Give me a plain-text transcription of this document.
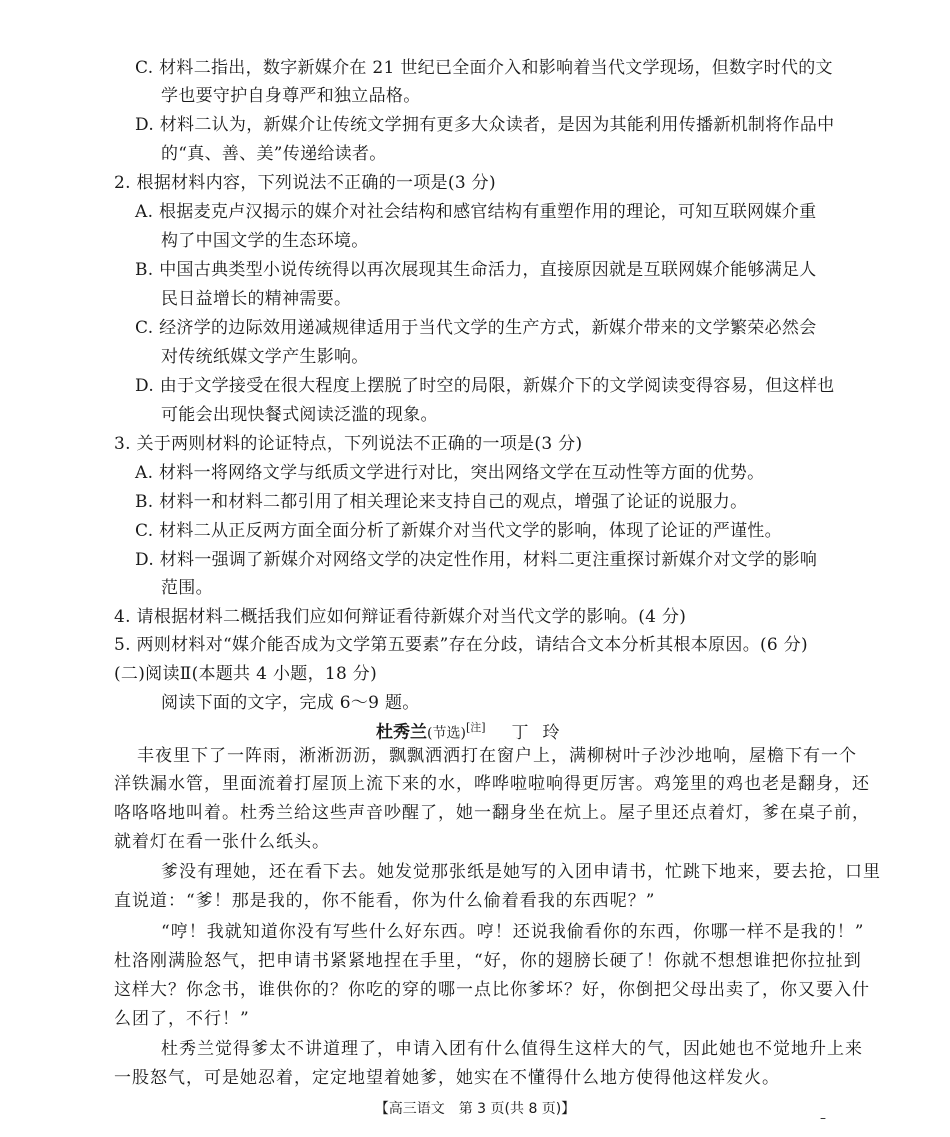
C. 材料二指出，数字新媒介在 21 世纪已全面介入和影响着当代文学现场，但数字时代的文
学也要守护自身尊严和独立品格。
D. 材料二认为，新媒介让传统文学拥有更多大众读者，是因为其能利用传播新机制将作品中
的“真、善、美”传递给读者。
2. 根据材料内容，下列说法不正确的一项是(3 分)
A. 根据麦克卢汉揭示的媒介对社会结构和感官结构有重塑作用的理论，可知互联网媒介重
构了中国文学的生态环境。
B. 中国古典类型小说传统得以再次展现其生命活力，直接原因就是互联网媒介能够满足人
民日益增长的精神需要。
C. 经济学的边际效用递减规律适用于当代文学的生产方式，新媒介带来的文学繁荣必然会
对传统纸媒文学产生影响。
D. 由于文学接受在很大程度上摆脱了时空的局限，新媒介下的文学阅读变得容易，但这样也
可能会出现快餐式阅读泛滥的现象。
3. 关于两则材料的论证特点，下列说法不正确的一项是(3 分)
A. 材料一将网络文学与纸质文学进行对比，突出网络文学在互动性等方面的优势。
B. 材料一和材料二都引用了相关理论来支持自己的观点，增强了论证的说服力。
C. 材料二从正反两方面全面分析了新媒介对当代文学的影响，体现了论证的严谨性。
D. 材料一强调了新媒介对网络文学的决定性作用，材料二更注重探讨新媒介对文学的影响
范围。
4. 请根据材料二概括我们应如何辩证看待新媒介对当代文学的影响。(4 分)
5. 两则材料对“媒介能否成为文学第五要素”存在分歧，请结合文本分析其根本原因。(6 分)
(二)阅读Ⅱ(本题共 4 小题，18 分)
阅读下面的文字，完成 6～9 题。
杜秀兰(节选)[注] 丁玲
丰夜里下了一阵雨，淅淅沥沥，飘飘洒洒打在窗户上，满柳树叶子沙沙地响，屋檐下有一个
洋铁漏水管，里面流着打屋顶上流下来的水，哗哗啦啦响得更厉害。鸡笼里的鸡也老是翻身，还
咯咯咯地叫着。杜秀兰给这些声音吵醒了，她一翻身坐在炕上。屋子里还点着灯，爹在桌子前，
就着灯在看一张什么纸头。
爹没有理她，还在看下去。她发觉那张纸是她写的入团申请书，忙跳下地来，要去抢，口里
直说道：“爹！那是我的，你不能看，你为什么偷着看我的东西呢？”
“哼！我就知道你没有写些什么好东西。哼！还说我偷看你的东西，你哪一样不是我的！”
杜洛刚满脸怒气，把申请书紧紧地捏在手里，“好，你的翅膀长硬了！你就不想想谁把你拉扯到
这样大？你念书，谁供你的？你吃的穿的哪一点比你爹坏？好，你倒把父母出卖了，你又要入什
么团了，不行！”
杜秀兰觉得爹太不讲道理了，申请入团有什么值得生这样大的气，因此她也不觉地升上来
一股怒气，可是她忍着，定定地望着她爹，她实在不懂得什么地方使得他这样发火。
【高三语文　第 3 页(共 8 页)】
–
